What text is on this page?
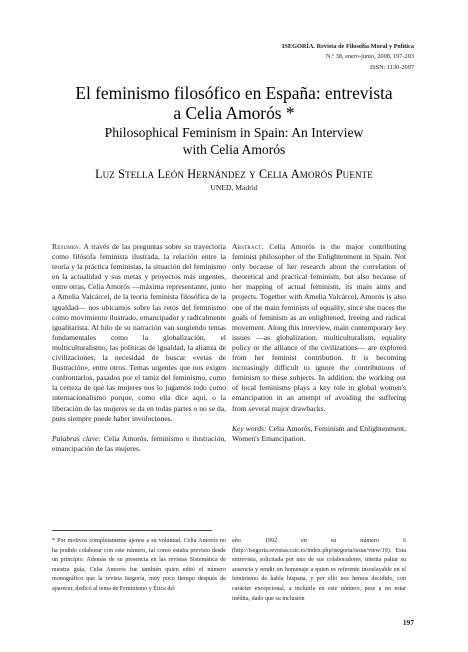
ISEGORÍA. Revista de Filosofía Moral y Política
N.º 38, enero-junio, 2008, 197-203
ISSN: 1130-2097
El feminismo filosófico en España: entrevista
a Celia Amorós *
Philosophical Feminism in Spain: An Interview
with Celia Amorós
Luz Stella León Hernández y Celia Amorós Puente
UNED, Madrid
Resumen. A través de las preguntas sobre su trayectoria como filósofa feminista ilustrada, la relación entre la teoría y la práctica feministas, la situación del feminismo en la actualidad y sus metas y proyectos más urgentes, entre otras, Celia Amorós —máxima representante, junto a Amelia Valcárcel, de la teoría feminista filosófica de la igualdad— nos ubicamos sobre las retos del feminismo como movimiento ilustrado, emancipador y radicalmente igualitarista. Al hilo de su narración van surgiendo temas fundamentales como la globalización, el multiculturalismo, las políticas de igualdad, la alianza de civilizaciones, la necesidad de buscar «vetas de Ilustración», entre otros. Temas urgentes que nos exigen confrontarlos, pasados por el tamiz del feminismo, como la certeza de que las mujeres nos lo jugamos todo como internacionalismo porque, como ella dice aquí, o la liberación de las mujeres se da en todas partes o no se da, pues siempre puede haber involuciones.
Palabras clave: Celia Amorós, feminismo e ilustración, emancipación de las mujeres.
Abstract. Celia Amorós is the major contributing feminist philosopher of the Enlightenment in Spain. Not only because of her research about the correlation of theoretical and practical feminism, but also because of her mapping of actual feminism, its main aims and projects. Together with Amelia Valcárcel, Amorós is also one of the main feminists of equality, since she traces the goals of feminism as an enlightened, freeing and radical movement. Along this interview, main contemporary key issues —as globalization, multiculturalism, equality policy or the alliance of the civilizations— are explored from her feminist contribution. It is becoming increasingly difficult to ignore the contributions of feminism to these subjects. In addition, the working out of local feminisms plays a key role in global women's emancipation in an attempt of avoiding the suffering from several major drawbacks.
Key words: Celia Amorós, Feminism and Enlightenment, Women's Emancipation.
* Por motivos completamente ajenos a su voluntad, Celia Amorós no ha podido colaborar con este número, tal como estaba previsto desde un principio. Además de su presencia en las revistas Sistemática de nuestra guía, Celia Amorós fue también quien editó el número monográfico que la revista Isegoría, muy poco tiempo después de aparecer, dedicó al tema de Feminismo y Ética del
año 1992 en su número 6 (http://isegoria.revistas.csic.es/index.php/isegoria/issue/view/19). Esta entrevista, solicitada por uno de sus colaboradores, intenta paliar su ausencia y rendir un homenaje a quien es referente insoslayable en el feminismo de habla hispana, y por ello nos hemos decidido, con carácter excepcional, a incluirla en este número, pese a no estar inédita, dado que su inclusión
197
